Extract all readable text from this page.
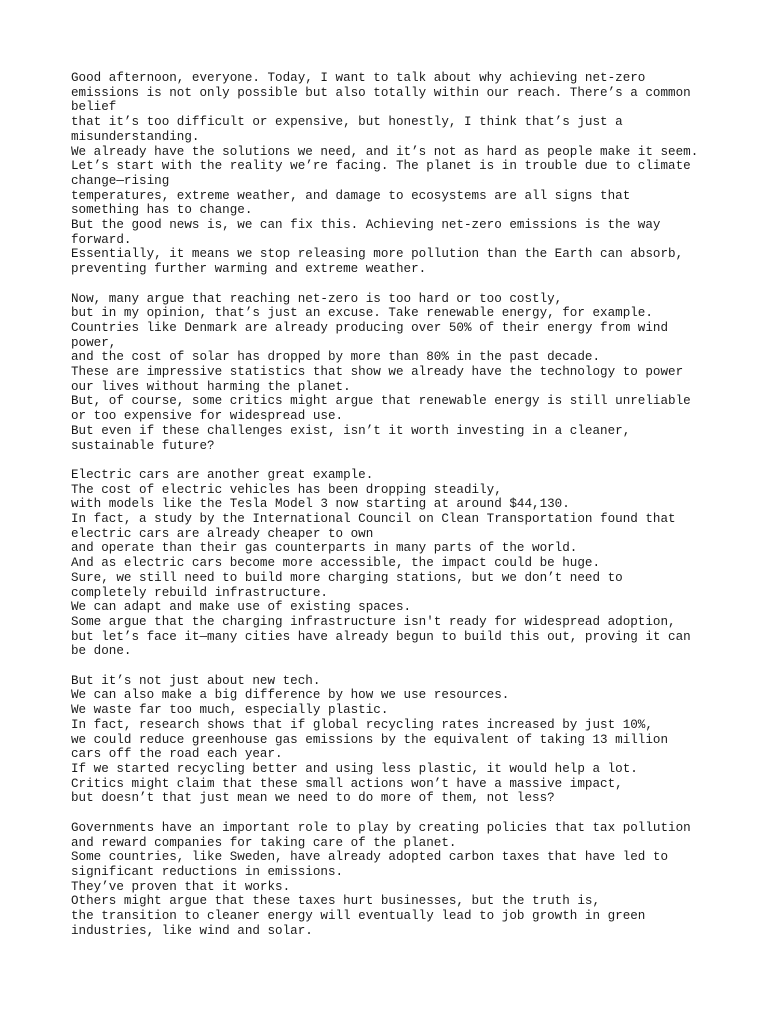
Good afternoon, everyone. Today, I want to talk about why achieving net-zero
emissions is not only possible but also totally within our reach. There’s a common
belief
that it’s too difficult or expensive, but honestly, I think that’s just a
misunderstanding.
We already have the solutions we need, and it’s not as hard as people make it seem.
Let’s start with the reality we’re facing. The planet is in trouble due to climate
change—rising
temperatures, extreme weather, and damage to ecosystems are all signs that
something has to change.
But the good news is, we can fix this. Achieving net-zero emissions is the way
forward.
Essentially, it means we stop releasing more pollution than the Earth can absorb,
preventing further warming and extreme weather.
Now, many argue that reaching net-zero is too hard or too costly,
but in my opinion, that’s just an excuse. Take renewable energy, for example.
Countries like Denmark are already producing over 50% of their energy from wind
power,
and the cost of solar has dropped by more than 80% in the past decade.
These are impressive statistics that show we already have the technology to power
our lives without harming the planet.
But, of course, some critics might argue that renewable energy is still unreliable
or too expensive for widespread use.
But even if these challenges exist, isn’t it worth investing in a cleaner,
sustainable future?
Electric cars are another great example.
The cost of electric vehicles has been dropping steadily,
with models like the Tesla Model 3 now starting at around $44,130.
In fact, a study by the International Council on Clean Transportation found that
electric cars are already cheaper to own
and operate than their gas counterparts in many parts of the world.
And as electric cars become more accessible, the impact could be huge.
Sure, we still need to build more charging stations, but we don’t need to
completely rebuild infrastructure.
We can adapt and make use of existing spaces.
Some argue that the charging infrastructure isn't ready for widespread adoption,
but let’s face it—many cities have already begun to build this out, proving it can
be done.
But it’s not just about new tech.
We can also make a big difference by how we use resources.
We waste far too much, especially plastic.
In fact, research shows that if global recycling rates increased by just 10%,
we could reduce greenhouse gas emissions by the equivalent of taking 13 million
cars off the road each year.
If we started recycling better and using less plastic, it would help a lot.
Critics might claim that these small actions won’t have a massive impact,
but doesn’t that just mean we need to do more of them, not less?
Governments have an important role to play by creating policies that tax pollution
and reward companies for taking care of the planet.
Some countries, like Sweden, have already adopted carbon taxes that have led to
significant reductions in emissions.
They’ve proven that it works.
Others might argue that these taxes hurt businesses, but the truth is,
the transition to cleaner energy will eventually lead to job growth in green
industries, like wind and solar.
